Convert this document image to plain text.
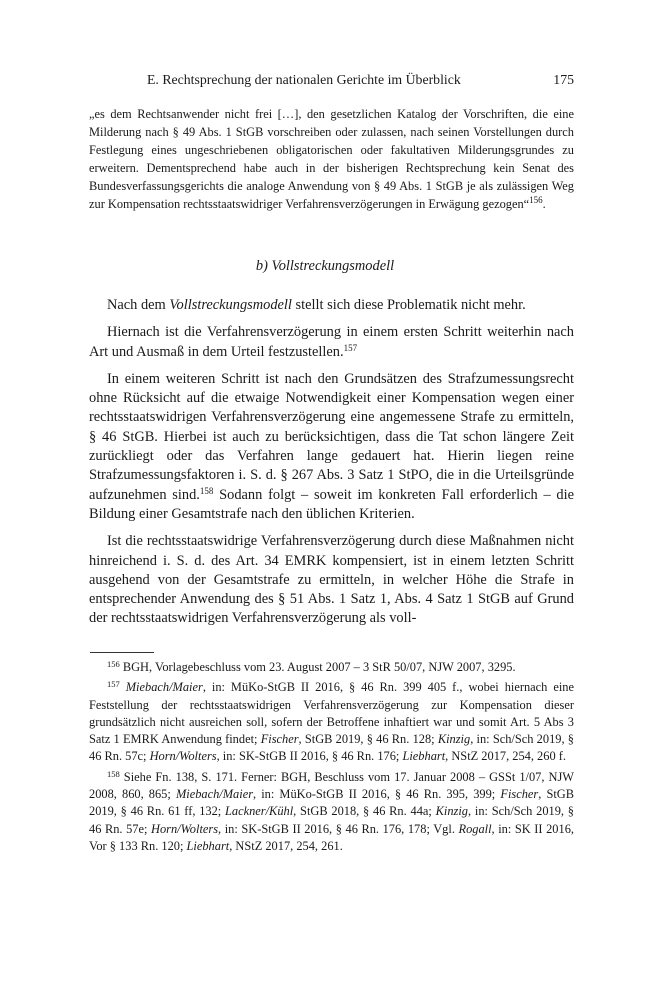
E. Rechtsprechung der nationalen Gerichte im Überblick	175
„es dem Rechtsanwender nicht frei […], den gesetzlichen Katalog der Vorschriften, die eine Milderung nach § 49 Abs. 1 StGB vorschreiben oder zulassen, nach seinen Vorstellungen durch Festlegung eines ungeschriebenen obligatorischen oder fakultativen Milderungsgrundes zu erweitern. Dementsprechend habe auch in der bisherigen Rechtsprechung kein Senat des Bundesverfassungsgerichts die analoge Anwendung von § 49 Abs. 1 StGB je als zulässigen Weg zur Kompensation rechtsstaatswidriger Verfahrensverzögerungen in Erwägung gezogen“$^{156}$.
b) Vollstreckungsmodell

Nach dem Vollstreckungsmodell stellt sich diese Problematik nicht mehr.

Hiernach ist die Verfahrensverzögerung in einem ersten Schritt weiterhin nach Art und Ausmaß in dem Urteil festzustellen.$^{157}$

In einem weiteren Schritt ist nach den Grundsätzen des Strafzumessungsrecht ohne Rücksicht auf die etwaige Notwendigkeit einer Kompensation wegen einer rechtsstaatswidrigen Verfahrensverzögerung eine angemessene Strafe zu ermitteln, § 46 StGB. Hierbei ist auch zu berücksichtigen, dass die Tat schon längere Zeit zurückliegt oder das Verfahren lange gedauert hat. Hierin liegen reine Strafzumessungsfaktoren i. S. d. § 267 Abs. 3 Satz 1 StPO, die in die Urteilsgründe aufzunehmen sind.$^{158}$ Sodann folgt – soweit im konkreten Fall erforderlich – die Bildung einer Gesamtstrafe nach den üblichen Kriterien.

Ist die rechtsstaatswidrige Verfahrensverzögerung durch diese Maßnahmen nicht hinreichend i. S. d. des Art. 34 EMRK kompensiert, ist in einem letzten Schritt ausgehend von der Gesamtstrafe zu ermitteln, in welcher Höhe die Strafe in entsprechender Anwendung des § 51 Abs. 1 Satz 1, Abs. 4 Satz 1 StGB auf Grund der rechtsstaatswidrigen Verfahrensverzögerung als voll-

$^{156}$ BGH, Vorlagebeschluss vom 23. August 2007 – 3 StR 50/07, NJW 2007, 3295.

$^{157}$ Miebach/Maier, in: MüKo-StGB II 2016, § 46 Rn. 399 405 f., wobei hiernach eine Feststellung der rechtsstaatswidrigen Verfahrensverzögerung zur Kompensation dieser grundsätzlich nicht ausreichen soll, sofern der Betroffene inhaftiert war und somit Art. 5 Abs 3 Satz 1 EMRK Anwendung findet; Fischer, StGB 2019, § 46 Rn. 128; Kinzig, in: Sch/Sch 2019, § 46 Rn. 57c; Horn/Wolters, in: SK-StGB II 2016, § 46 Rn. 176; Liebhart, NStZ 2017, 254, 260 f.

$^{158}$ Siehe Fn. 138, S. 171. Ferner: BGH, Beschluss vom 17. Januar 2008 – GSSt 1/07, NJW 2008, 860, 865; Miebach/Maier, in: MüKo-StGB II 2016, § 46 Rn. 395, 399; Fischer, StGB 2019, § 46 Rn. 61 ff, 132; Lackner/Kühl, StGB 2018, § 46 Rn. 44a; Kinzig, in: Sch/Sch 2019, § 46 Rn. 57e; Horn/Wolters, in: SK-StGB II 2016, § 46 Rn. 176, 178; Vgl. Rogall, in: SK II 2016, Vor § 133 Rn. 120; Liebhart, NStZ 2017, 254, 261.
